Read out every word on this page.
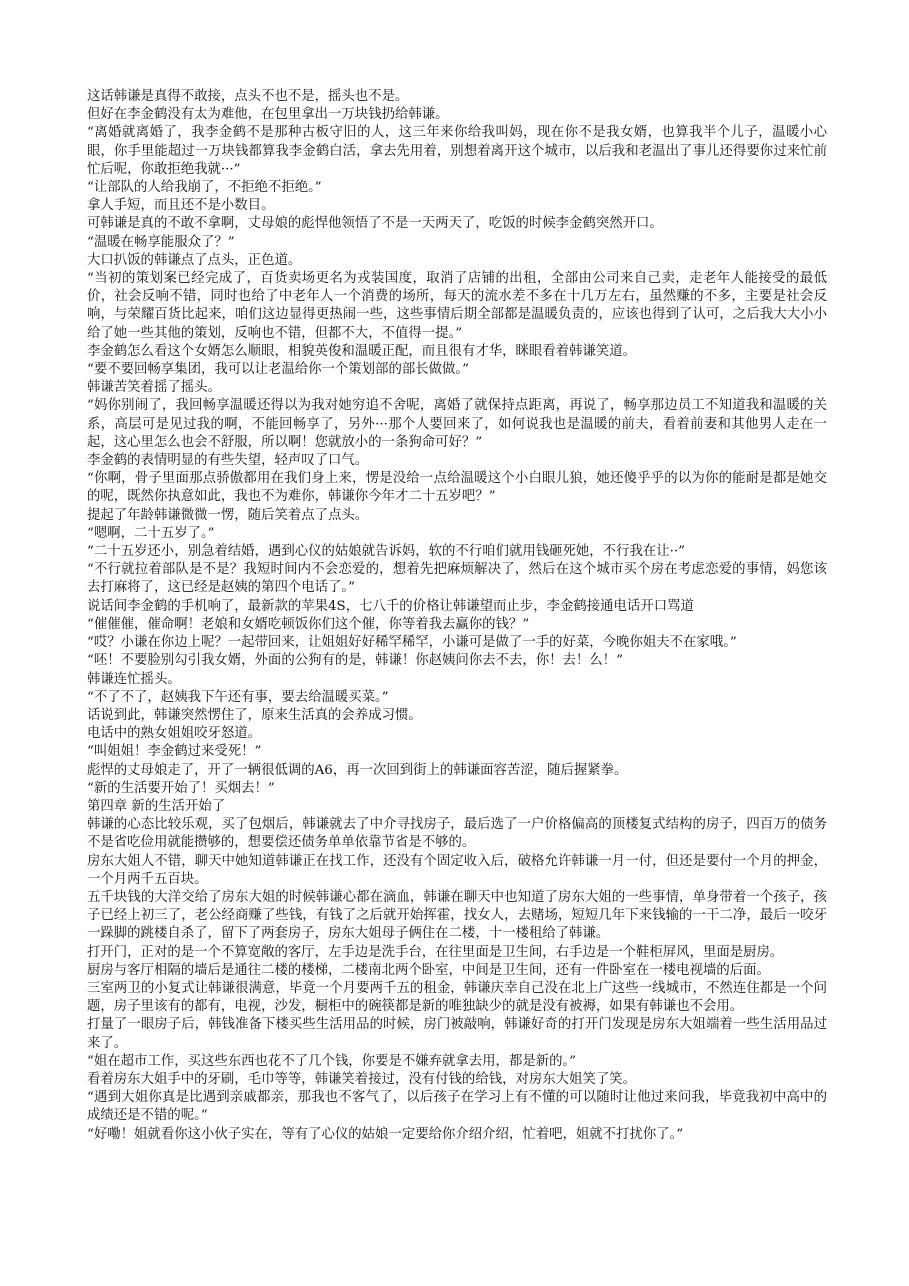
这话韩谦是真得不敢接，点头不也不是，摇头也不是。

但好在李金鹤没有太为难他，在包里拿出一万块钱扔给韩谦。

“离婚就离婚了，我李金鹤不是那种古板守旧的人，这三年来你给我叫妈，现在你不是我女婿，也算我半个儿子，温暖小心眼，你手里能超过一万块钱都算我李金鹤白活，拿去先用着，别想着离开这个城市，以后我和老温出了事儿还得要你过来忙前忙后呢，你敢拒绝我就···”

“让部队的人给我崩了，不拒绝不拒绝。”

拿人手短，而且还不是小数目。

可韩谦是真的不敢不拿啊，丈母娘的彪悍他领悟了不是一天两天了，吃饭的时候李金鹤突然开口。

“温暖在畅享能服众了？”

大口扒饭的韩谦点了点头，正色道。

“当初的策划案已经完成了，百货卖场更名为戎装国度，取消了店铺的出租，全部由公司来自己卖，走老年人能接受的最低价，社会反响不错，同时也给了中老年人一个消费的场所，每天的流水差不多在十几万左右，虽然赚的不多，主要是社会反响，与荣耀百货比起来，咱们这边显得更热闹一些，这些事情后期全部都是温暖负责的，应该也得到了认可，之后我大大小小给了她一些其他的策划，反响也不错，但都不大，不值得一提。”

李金鹤怎么看这个女婿怎么顺眼，相貌英俊和温暖正配，而且很有才华，眯眼看着韩谦笑道。

“要不要回畅享集团，我可以让老温给你一个策划部的部长做做。”

韩谦苦笑着摇了摇头。

“妈你别闹了，我回畅享温暖还得以为我对她穷追不舍呢，离婚了就保持点距离，再说了，畅享那边员工不知道我和温暖的关系，高层可是见过我的啊，不能回畅享了，另外···那个人要回来了，如何说我也是温暖的前夫，看着前妻和其他男人走在一起，这心里怎么也会不舒服，所以啊！您就放小的一条狗命可好？”

李金鹤的表情明显的有些失望，轻声叹了口气。

“你啊，骨子里面那点骄傲都用在我们身上来，愣是没给一点给温暖这个小白眼儿狼，她还傻乎乎的以为你的能耐是都是她交的呢，既然你执意如此，我也不为难你，韩谦你今年才二十五岁吧？”

提起了年龄韩谦微微一愣，随后笑着点了点头。

“嗯啊，二十五岁了。”

“二十五岁还小，别急着结婚，遇到心仪的姑娘就告诉妈，软的不行咱们就用钱砸死她，不行我在让··”

“不行就拉着部队是不是？我短时间内不会恋爱的，想着先把麻烦解决了，然后在这个城市买个房在考虑恋爱的事情，妈您该去打麻将了，这已经是赵姨的第四个电话了。”

说话间李金鹤的手机响了，最新款的苹果4S，七八千的价格让韩谦望而止步，李金鹤接通电话开口骂道

“催催催，催命啊！老娘和女婿吃顿饭你们这个催，你等着我去赢你的钱？”

“哎？小谦在你边上呢？一起带回来，让姐姐好好稀罕稀罕，小谦可是做了一手的好菜，今晚你姐夫不在家哦。”

“呸！不要脸别勾引我女婿，外面的公狗有的是，韩谦！你赵姨问你去不去，你！去！么！”

韩谦连忙摇头。

“不了不了，赵姨我下午还有事，要去给温暖买菜。”

话说到此，韩谦突然愣住了，原来生活真的会养成习惯。

电话中的熟女姐姐咬牙怒道。

“叫姐姐！李金鹤过来受死！”

彪悍的丈母娘走了，开了一辆很低调的A6，再一次回到街上的韩谦面容苦涩，随后握紧拳。

“新的生活要开始了！买烟去！”

第四章 新的生活开始了

韩谦的心态比较乐观，买了包烟后，韩谦就去了中介寻找房子，最后选了一户价格偏高的顶楼复式结构的房子，四百万的债务不是省吃俭用就能攒够的，想要偿还债务单单依靠节省是不够的。

房东大姐人不错，聊天中她知道韩谦正在找工作，还没有个固定收入后，破格允许韩谦一月一付，但还是要付一个月的押金，一个月两千五百块。

五千块钱的大洋交给了房东大姐的时候韩谦心都在滴血，韩谦在聊天中也知道了房东大姐的一些事情，单身带着一个孩子，孩子已经上初三了，老公经商赚了些钱，有钱了之后就开始挥霍，找女人，去赌场，短短几年下来钱输的一干二净，最后一咬牙一跺脚的跳楼自杀了，留下了两套房子，房东大姐母子俩住在二楼，十一楼租给了韩谦。

打开门，正对的是一个不算宽敞的客厅，左手边是洗手台，在往里面是卫生间，右手边是一个鞋柜屏风，里面是厨房。

厨房与客厅相隔的墙后是通往二楼的楼梯，二楼南北两个卧室，中间是卫生间，还有一件卧室在一楼电视墙的后面。

三室两卫的小复式让韩谦很满意，毕竟一个月要两千五的租金，韩谦庆幸自己没在北上广这些一线城市，不然连住都是一个问题，房子里该有的都有，电视，沙发，橱柜中的碗筷都是新的唯独缺少的就是没有被褥，如果有韩谦也不会用。

打量了一眼房子后，韩钱准备下楼买些生活用品的时候，房门被敲响，韩谦好奇的打开门发现是房东大姐端着一些生活用品过来了。

“姐在超市工作，买这些东西也花不了几个钱，你要是不嫌弃就拿去用，都是新的。”

看着房东大姐手中的牙刷，毛巾等等，韩谦笑着接过，没有付钱的给钱，对房东大姐笑了笑。

“遇到大姐你真是比遇到亲戚都亲，那我也不客气了，以后孩子在学习上有不懂的可以随时让他过来问我，毕竟我初中高中的成绩还是不错的呢。”

“好嘞！姐就看你这小伙子实在，等有了心仪的姑娘一定要给你介绍介绍，忙着吧，姐就不打扰你了。”
